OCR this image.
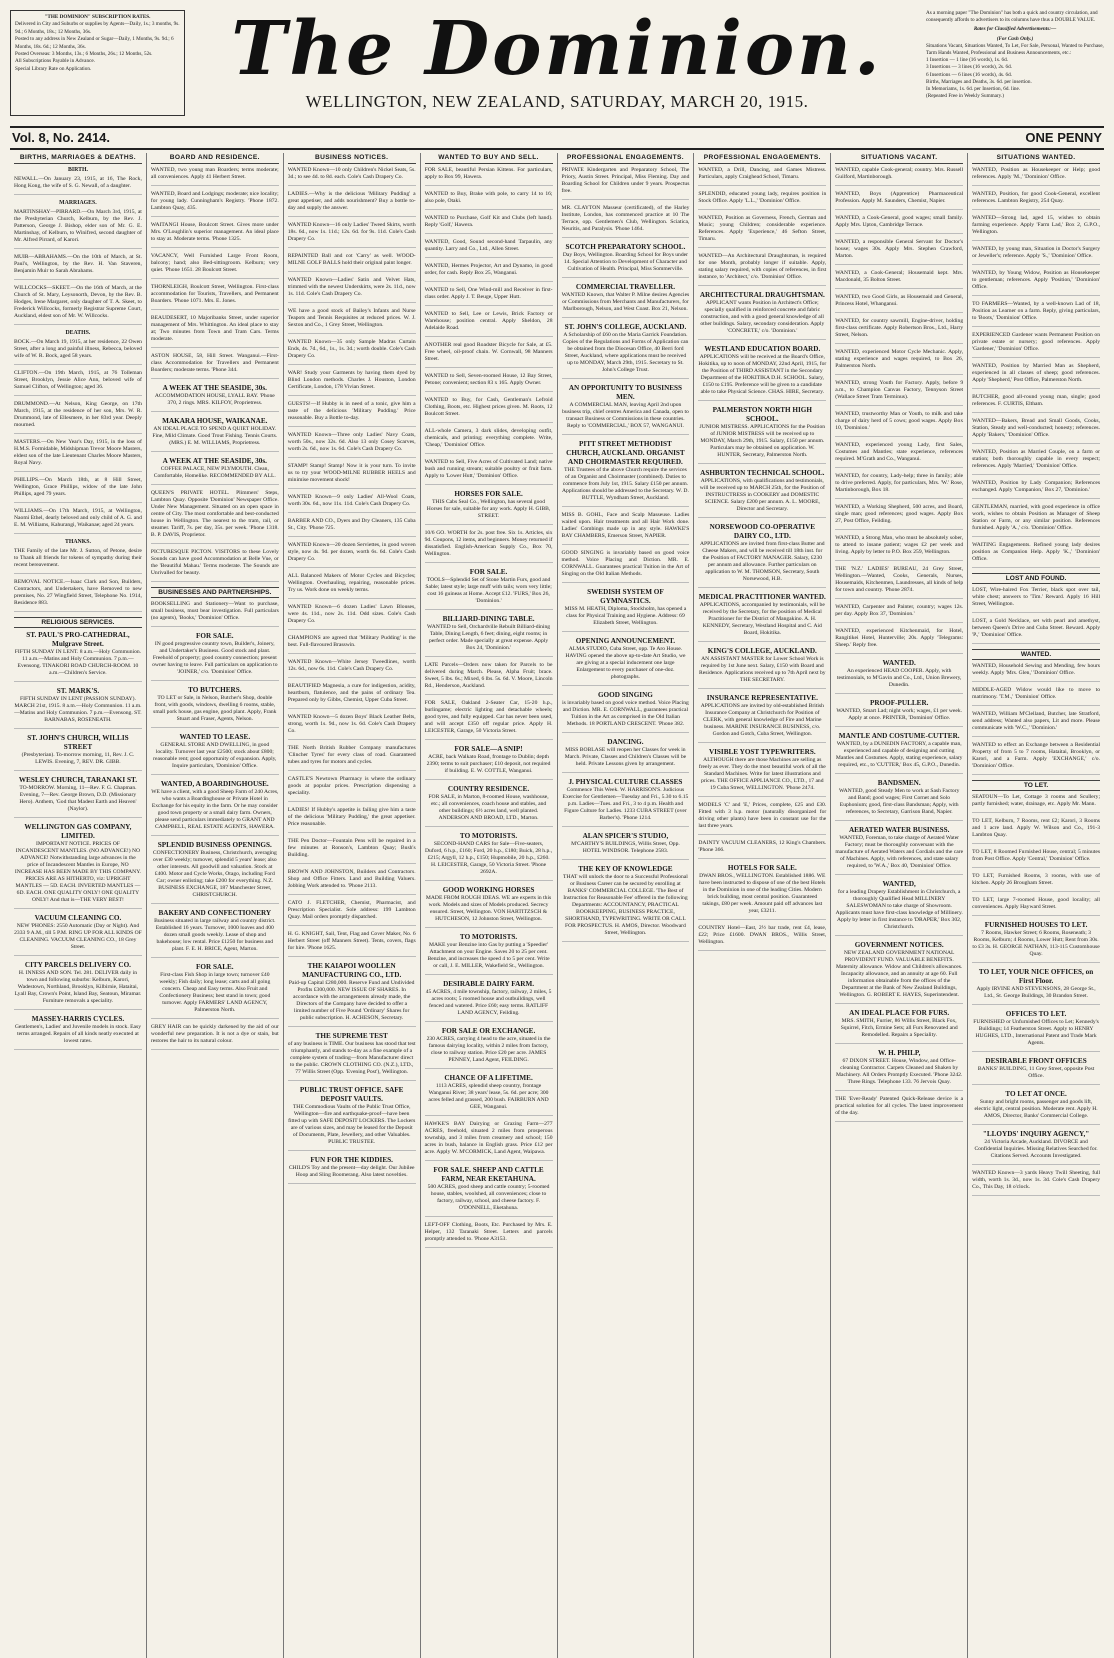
"THE DOMINION" SUBSCRIPTION RATES.

Delivered in City and Suburbs or supplies by Agents—Daily, 1s.; 3 months, 9s. 9d.; 6 Months, 18s.; 12 Months, 36s.

Posted to any address in New Zealand or Sugar—Daily, 1 Months, 9s. 9d.; 6 Months, 18s. 6d.; 12 Months, 36s.

Posted Overseas: 3 Months, 13s.; 6 Months, 26s.; 12 Months, 52s.

All Subscriptions Payable in Advance.

Special Library Rate on Application.	The Dominion.
WELLINGTON, NEW ZEALAND, SATURDAY, MARCH 20, 1915.

As a morning paper "The Dominion" has both a quick and country circulation, and consequently affords to advertisers to its columns have thus a DOUBLE VALUE.

Rates for Classified Advertisements:—

(For Cash Only.)

Situations Vacant, Situations Wanted, To Let, For Sale, Personal, Wanted to Purchase, Tarm Hands Wanted, Professional and Business Announcements, etc.:

1 Insertion — 1 line (16 words), 1s. 6d.

3 Insertions — 3 lines (16 words), 2s. 6d.

6 Insertions — 6 lines (16 words), 4s. 6d.

Births, Marriages and Deaths, 3s. 6d. per insertion.

In Memoriams, 1s. 6d. per Insertion, 6d. line.

(Repeated Free in Weekly Summary.)

Vol. 8, No. 2414.	ONE PENNY
BIRTHS, MARRIAGES & DEATHS.
BIRTH.
NEWALL.—On January 23, 1915, at 16, The Rock, Hong Kong, the wife of S. G. Newall, of a daughter.
MARRIAGES.
MARTINSHAY—PIRRARD.—On March 3rd, 1915, at the Presbyterian Church, Kelburn, by the Rev. J. Patterson, George J. Bishop, elder son of Mr. G. E. Martinshay, of Kelburn, to Winifred, second daughter of Mr. Alfred Pirrard, of Karori.
MUIR—ABRAHAMS.—On the 10th of March, at St. Paul's, Wellington, by the Rev. H. Van Staveren, Benjamin Muir to Sarah Abrahams.
WILLCOCKS—SKEET.—On the 16th of March, at the Church of St. Mary, Leysonorth, Devon, by the Rev. B. Hodges, Irene Margaret, only daughter of T. A. Skeet, to Frederick Willcocks, formerly Registrar Supreme Court, Auckland, eldest son of Mr. W. Willcocks.
DEATHS.
BOCK.—On March 19, 1915, at her residence, 22 Owen Street, after a long and painful illness, Rebecca, beloved wife of W. R. Bock, aged 58 years.
CLIFTON.—On 19th March, 1915, at 76 Tolleman Street, Brooklyn, Jessie Alice Ann, beloved wife of Samuel Clifton, of Wellington; aged 36.
DRUMMOND.—At Nelson, King George, on 17th March, 1915, at the residence of her son, Mrs. W. R. Drummond, late of Ellesmere, in her 83rd year. Deeply mourned.
MASTERS.—On New Year's Day, 1915, in the loss of H.M.S. Formidable, Midshipman Trevor Moore Masters, eldest son of the late Lieutenant Charles Moore Masters, Royal Navy.
PHILLIPS.—On March 18th, at 8 Hill Street, Wellington, Grace Phillips, widow of the late John Phillips, aged 79 years.
WILLIAMS.—On 17th March, 1915, at Wellington, Naomi Ethel, dearly beloved and only child of A. G. and E. M. Williams, Kahurangi, Waikanae; aged 24 years.
THANKS.
THE Family of the late Mr. J. Sutton, of Petone, desire to Thank all friends for tokens of sympathy during their recent bereavement.
REMOVAL NOTICE.—Isaac Clark and Son, Builders, Contractors, and Undertakers, have Removed to new premises, No. 27 Wingfield Street, Telephone No. 1914, Residence 883.
RELIGIOUS SERVICES.
ST. PAUL'S PRO-CATHEDRAL, Mulgrave Street.
FIFTH SUNDAY IN LENT. 8 a.m.—Holy Communion. 11 a.m.—Matins and Holy Communion. 7 p.m.—Evensong. TINAKORI ROAD CHURCH-ROOM. 10 a.m.—Children's Service.
ST. MARK'S.
FIFTH SUNDAY IN LENT (PASSION SUNDAY). MARCH 21st, 1915. 8 a.m.—Holy Communion. 11 a.m.—Matins and Holy Communion. 7 p.m.—Evensong. ST. BARNABAS, ROSENEATH.
ST. JOHN'S CHURCH, WILLIS STREET
(Presbyterian). To-morrow morning, 11, Rev. J. C. LEWIS. Evening, 7, REV. DR. GIBB.
WESLEY CHURCH, TARANAKI ST.
TO-MORROW. Morning, 11—Rev. F. G. Chapman. Evening, 7—Rev. George Brown, D.D. (Missionary Hero). Anthem, 'God that Madest Earth and Heaven' (Naylor).
WELLINGTON GAS COMPANY, LIMITED.
IMPORTANT NOTICE. PRICES OF INCANDESCENT MANTLES. (NO ADVANCE!) NO ADVANCE! Notwithstanding large advances in the price of Incandescent Mantles in Europe, NO INCREASE HAS BEEN MADE BY THIS COMPANY. PRICES ARE AS HITHERTO, viz: UPRIGHT MANTLES — 5D. EACH. INVERTED MANTLES — 6D. EACH. ONE QUALITY ONLY! ONE QUALITY ONLY! And that is—THE VERY BEST!
VACUUM CLEANING CO.
NEW 'PHONES: 2550 Automatic (Day or Night). And 2333 9 A.M., till 5 P.M. RING UP FOR ALL KINDS OF CLEANING. VACUUM CLEANING CO., 18 Grey Street.
CITY PARCELS DELIVERY CO.
H. INNESS AND SON. Tel. 281. DELIVER daily in town and following suburbs: Kelburn, Karori, Wadestown, Northland, Brooklyn, Kilbirnie, Hataitai, Lyall Bay, Crown's Point, Island Bay, Seatoun, Miramar. Furniture removals a speciality.
MASSEY-HARRIS CYCLES.
Gentlemen's, Ladies' and Juvenile models in stock. Easy terms arranged. Repairs of all kinds neatly executed at lowest rates.
BOARD AND RESIDENCE.
WANTED, two young man Boarders; terms moderate; all conveniences. Apply 41 Herbert Street.
WANTED, Board and Lodgings; moderate; nice locality; for young lady. Cunningham's Registry. 'Phone 1872. Lambton Quay, 435.
WAITANGI House, Boulcott Street. Gives more under Mrs. O'Loughlin's superior management. An ideal place to stay at. Moderate terms. 'Phone 1325.
VACANCY, Well Furnished Large Front Room, balcony; hand; also Bed-sittingroom. Kelburn; very quiet. 'Phone 1651. 28 Boulcott Street.
THORNLEIGH, Boulcott Street, Wellington. First-class accommodation for Tourists, Travellers, and Permanent Boarders. 'Phone 1071. Mrs. E. Jones.
BEAUDESERT, 10 Majoribanks Street, under superior management of Mrs. Whittington. An ideal place to stay at; Two minutes from Town and Tram Cars. Terms moderate.
ASTON HOUSE, 58, Hill Street. Wanganui.—First-class Accommodation for Travellers and Permanent Boarders; moderate terms. 'Phone 344.
A WEEK AT THE SEASIDE, 30s.
ACCOMMODATION HOUSE, LYALL BAY. 'Phone 370, 2 rings. MRS. KILFOY, Proprietress.
MAKARA HOUSE, WAIKANAE.
AN IDEAL PLACE TO SPEND A QUIET HOLIDAY. Fine, Mild Climate. Good Trout Fishing. Tennis Courts. (MRS.) E. M. WILLIAMS, Proprietress.
A WEEK AT THE SEASIDE, 30s.
COFFEE PALACE, NEW PLYMOUTH. Clean, Comfortable, Homelike. RECOMMENDED BY ALL.
QUEEN'S PRIVATE HOTEL. Plimmers' Steps, Lambton Quay. Opposite 'Dominion' Newspaper Office. Under New Management. Situated on an open space in centre of City. The most comfortable and best-conducted house in Wellington. The nearest to the tram, rail, or steamer. Tariff, 7s. per day, 35s. per week. 'Phone 1318. B. P. DAVIS, Proprietor.
PICTURESQUE PICTON. VISITORS to these Lovely Sounds can have good Accommodation at Belle Vue, or the 'Beautiful Mahau.' Terms moderate. The Sounds are Unrivalled for beauty.
BUSINESSES AND PARTNERSHIPS.
BOOKSELLING and Stationery—Want to purchase, small business, must bear investigation. Full particulars (no agents), 'Books,' 'Dominion' Office.
FOR SALE.
IN good progressive country town, Builder's, Joinery, and Undertaker's Business. Good stock and plant. Freehold of property; good country connection; present owner having to leave. Full particulars on application to 'JOINER,' c/o. 'Dominion' Office.
TO BUTCHERS.
TO LET or Sale, in Nelson, Butcher's Shop, double front, with goods, windows, dwelling 6 rooms, stable, small pork house, gas engine, good plant. Apply, Frank Stuart and Fraser, Agents, Nelson.
WANTED TO LEASE.
GENERAL STORE AND DWELLING, in good locality. Turnover last year £2500; stock about £800; reasonable rent; good opportunity of expansion. Apply, Inquire particulars, 'Dominion' Office.
WANTED, A BOARDINGHOUSE.
WE have a client, with a good Sheep Farm of 240 Acres, who wants a Boardinghouse or Private Hotel in Exchange for his equity in the farm. Or he may consider good town property or a small dairy farm. Owners, please send particulars immediately to GRANT AND CAMPBELL, REAL ESTATE AGENTS, HAWERA.
SPLENDID BUSINESS OPENINGS.
CONFECTIONERY Business, Christchurch, averaging over £30 weekly; turnover, splendid 5 years' lease; also other interests. All goodwill and valuation. Stock at £400. Motor and Cycle Works, Otago, including Ford Car; owner enlisting; take £200 for everything. N.Z. BUSINESS EXCHANGE, 187 Manchester Street, CHRISTCHURCH.
BAKERY AND CONFECTIONERY
Business situated in large railway and country district. Established 16 years. Turnover, 1000 loaves and 400 dozen small goods weekly. Lease of shop and bakehouse; low rental. Price £1250 for business and plant. F. E. H. BRICE, Agent, Marton.
FOR SALE.
First-class Fish Shop in large town; turnover £40 weekly; Fish daily; long lease; carts and all going concern. Cheap and Easy terms. Also Fruit and Confectionery Business; best stand in town; good turnover. Apply FARMERS' LAND AGENCY, Palmerston North.
GREY HAIR can be quickly darkened by the aid of our wonderful new preparation. It is not a dye or stain, but restores the hair to its natural colour.
BUSINESS NOTICES.
WANTED Known—10 only Children's Nickel Seats, 5s. 3d.; to see 4d. to 8d. each. Cole's Cash Drapery Co.
LADIES.—Why is the delicious 'Military Pudding' a great appetiser, and adds nourishment? Buy a bottle to-day and supply the answer.
WANTED Known—16 only Ladies' Tweed Skirts, worth 18s. 6d., now 1s. 11d.; 12s. 6d. for 9s. 11d. Cole's Cash Drapery Co.
REPAINTED Ball and cot 'Carry' as well. WOOD-MILNE GOLF BALLS hold their original paint longer.
WANTED Known—Ladies' Satin and Velvet Hats, trimmed with the newest Underskirts, were 2s. 11d., now 1s. 11d. Cole's Cash Drapery Co.
WE have a good stock of Bailey's Infants and Nurse Teapots and Tennis Requisites at reduced prices. W. J. Sexton and Co., 1 Grey Street, Wellington.
WANTED Known—35 only Sample Madras Curtain Ends, 4s. 7d., 6d., 1s., 1s. 3d.; worth double. Cole's Cash Drapery Co.
WAR! Study your Garments by having them dyed by Blind London methods. Charles J. Houston, London Certificate, London, 178 Vivian Street.
GUESTS!—If Hubby is in need of a tonic, give him a taste of the delicious 'Military Pudding.' Price reasonable. Buy a Bottle to-day.
WANTED Known—Three only Ladies' Navy Coats, worth 50s., now 32s. 6d. Also 13 only Cosey Scarves, worth 2s. 6d., now 1s. 6d. Cole's Cash Drapery Co.
STAMP! Stamp! Stamp! Now it is your turn. To invite us to try your WOOD-MILNE RUBBER HEELS and minimise movement shock!
WANTED Known—9 only Ladies' All-Wool Coats, worth 30s. 6d., now 11s. 11d. Cole's Cash Drapery Co.
BARBER AND CO., Dyers and Dry Cleaners, 135 Cuba St., City. 'Phone 725.
WANTED Known—20 dozen Serviettes, in good woven style, now 4s. 9d. per dozen, worth 6s. 6d. Cole's Cash Drapery Co.
ALL Balanced Makers of Motor Cycles and Bicycles; Wellington. Overhauling, repairing, reasonable prices. Try us. Work done on weekly terms.
WANTED Known—6 dozen Ladies' Lawn Blouses, were 4s. 11d., now 2s. 11d. Odd sizes. Cole's Cash Drapery Co.
CHAMPIONS are agreed that 'Military Pudding' is the best. Full-flavoured Brasswin.
WANTED Known—White Jersey Tweedlines, worth 12s. 6d., now 6s. 11d. Cole's Cash Drapery Co.
BEAUTIFIED Magnesia, a cure for indigestion, acidity, heartburn, flatulence, and the pains of ordinary Tea. Prepared only by Gibbs, Chemist, Upper Cuba Street.
WANTED Known—5 dozen Boys' Black Leather Belts, strong, worth 1s. 9d., now 1s. 6d. Cole's Cash Drapery Co.
THE North British Rubber Company manufactures 'Clincher Tyres' for every class of road. Guaranteed tubes and tyres for motors and cycles.
CASTLE'S Newtown Pharmacy is where the ordinary goods at popular prices. Prescription dispensing a speciality.
LADIES! If Hubby's appetite is failing give him a taste of the delicious 'Military Pudding,' the great appetiser. Price reasonable.
THE Pen Doctor—Fountain Pens will be repaired in a few minutes at Ronson's, Lambton Quay; Bush's Building.
BROWN AND JOHNSTON, Builders and Contractors. Shop and Office Fitters. Land and Building Valuers. Jobbing Work attended to. 'Phone 2113.
CATO J. FLETCHER, Chemist, Pharmacist, and Prescription Specialist. Sole address: 199 Lambton Quay. Mail orders promptly dispatched.
H. G. KNIGHT, Sail, Tent, Flag and Cover Maker, No. 6 Herbert Street (off Manners Street). Tents, covers, flags for hire. 'Phone 1625.
THE KAIAPOI WOOLLEN MANUFACTURING CO., LTD.
Paid-up Capital £280,000. Reserve Fund and Undivided Profits £300,000. NEW ISSUE OF SHARES. In accordance with the arrangements already made, the Directors of the Company have decided to offer a limited number of Five Pound 'Ordinary' Shares for public subscription. H. ACHESON, Secretary.
THE SUPREME TEST
of any business is TIME. Our business has stood that test triumphantly, and stands to-day as a fine example of a complete system of trading—from Manufacturer direct to the public. CROWN CLOTHING CO. (N.Z.), LTD., 77 Willis Street (Opp. 'Evening Post'), Wellington.
PUBLIC TRUST OFFICE. SAFE DEPOSIT VAULTS.
THE Commodious Vaults of the Public Trust Office, Wellington—fire and earthquake-proof—have been fitted up with SAFE DEPOSIT LOCKERS. The Lockers are of various sizes, and may be leased for the Deposit of Documents, Plate, Jewellery, and other Valuables. PUBLIC TRUSTEE.
FUN FOR THE KIDDIES.
CHILD'S Toy and the present—day delight. Our Jubilee Hoop and Sling Boomerang. Also latest novelties.
WANTED TO BUY AND SELL.
FOR SALE, beautiful Persian Kittens. For particulars, apply to Box 99, Hawera.
WANTED to Buy, Brake with pole, to carry 14 to 16; also pole, Otaki.
WANTED to Purchase, Golf Kit and Clubs (left hand). Reply 'Golf,' Hawera.
WANTED, Good, Sound second-hand Tarpaulin, any quantity. Larry and Co., Ltd., Allen Street.
WANTED, Hermes Projector, Art and Dynamo, in good order, for cash. Reply Box 25, Wanganui.
WANTED to Sell, One Wind-mill and Receiver in first-class order. Apply J. T. Beuge, Upper Hutt.
WANTED to Sell, Lee or Lewis, Brick Factory or Warehouse; position central. Apply Sheldon, 28 Adelaide Road.
ANOTHER real good Roadster Bicycle for Sale, at £5. Free wheel, oil-proof chain. W. Cornwall, 98 Manners Street.
WANTED to Sell, Seven-roomed House, 12 Bay Street, Petone; convenient; section 83 x 165. Apply Owner.
WANTED to Buy, for Cash, Gentleman's Lefroid Clothing, Boots, etc. Highest prices given. M. Roots, 12 Boulcott Street.
ALL-whole Camera, 3 dark slides, developing outfit, chemicals, and printing; everything complete. Write, 'Cheap,' 'Dominion' Office.
WANTED to Sell, Five Acres of Cultivated Land; native bush and running stream; suitable poultry or fruit farm. Apply to 'Lower Hutt,' 'Dominion' Office.
HORSES FOR SALE.
THIS Cabs Seal Co., Wellington, has several good Horses for sale, suitable for any work. Apply H. GIBB, STREET.
10/6 GO. WORTH for 2s. post free. Six 1s. Articles, six 9d. Coupons, 12 items, and beginners. Money returned if dissatisfied. English-American Supply Co., Box 70, Wellington.
FOR SALE.
TOOLS—Splendid Set of Stone Martin Furs, good and Sable; latest style; large muff with tails; worn very little; cost 16 guineas at Home. Accept £12. 'FURS,' Box 26, 'Dominion.'
BILLIARD-DINING TABLE.
WANTED to Sell, Orchardville Rebuilt Billiard-dining Table, Dining Length, 6 feet; dining, eight rooms; in perfect order. Made specially at great expense. Apply Box 24, 'Dominion.'
LATE Parcels—Orders now taken for Parcels to be delivered during March. Please, Alpha Fruit; brace. Sweet, 5 lbs. 6s.; Mixed, 6 lbs. 5s. 6d. V. Moore, Lincoln Rd., Henderson, Auckland.
FOR SALE, Oakland 2-Seater Car, 15-20 h.p., burlingame; electric lighting and detachable wheels; good tyres, and fully equipped. Car has never been used, and will accept £350 off regular price. Apply H. LEICESTER, Garage, 50 Victoria Street.
FOR SALE—A SNIP!
ACRE, back Walkato Road, frontage to Dublin; depth 2390; terms to suit purchaser; £10 deposit, not required if building. E. W. COTTLE, Wanganui.
COUNTRY RESIDENCE.
FOR SALE, in Marton, 8-roomed House, washhouse, etc.; all conveniences, coach house and stables, and other buildings; 6½ acres land, well planted. ANDERSON AND BROAD, LTD., Marton.
TO MOTORISTS.
SECOND-HAND CARS for Sale—Five-seaters, Duford, 6 h.p., £160; Ford, 20 h.p., £180; Buick, 28 h.p., £215; Argyll, 12 h.p., £150; Hupmobile, 20 h.p., £260. H. LEICESTER, Garage, 50 Victoria Street. 'Phone 2692A.
GOOD WORKING HORSES
MADE FROM ROUGH IDEAS. WE are experts in this work. Models and sizes of Models produced. Secrecy ensured. Street, Wellington. VON HARTITZSCH & HUTCHESON, 12 Johnston Street, Wellington.
TO MOTORISTS.
MAKE your Benzine into Gas by putting a 'Speedier' Attachment on your Engine. Saves 20 to 25 per cent. Benzine, and increases the speed 4 to 5 per cent. Write or call, J. E. MILLER, Wakefield St., Wellington.
DESIRABLE DAIRY FARM.
45 ACRES, 4 mile township, factory, railway, 2 miles, 5 acres roots; 5 roomed house and outbuildings, well fenced and watered. Price £60; easy terms. RATLIFF LAND AGENCY, Feilding.
FOR SALE OR EXCHANGE.
230 ACRES, carrying 4 head to the acre, situated in the famous dairying locality, within 2 miles from factory, close to railway station. Price £20 per acre. JAMES PENNEY, Land Agent, FEILDING.
CHANCE OF A LIFETIME.
1113 ACRES, splendid sheep country, frontage Wanganui River; 38 years' lease, 5s. 6d. per acre; 300 acres felled and grassed, 200 bush. FAIRBURN AND GEE, Wanganui.
HAWKE'S BAY Dairying or Grazing Farm—277 ACRES, freehold, situated 2 miles from prosperous township, and 3 miles from creamery and school; 150 acres in bush, balance in English grass. Price £12 per acre. Apply W. M'CORMICK, Land Agent, Waipawa.
FOR SALE. SHEEP AND CATTLE FARM, NEAR EKETAHUNA.
500 ACRES, good sheep and cattle country; 5-roomed house, stables, woolshed, all conveniences; close to factory, railway, school, and cheese factory. F. O'DONNELL, Eketahuna.
LEFT-OFF Clothing, Boots, Etc. Purchased by Mrs. E. Helper, 132 Taranaki Street. Letters and parcels promptly attended to. 'Phone A3153.
PROFESSIONAL ENGAGEMENTS.
PRIVATE Kindergarten and Preparatory School, The Priory, Austin Street. Principal, Miss Fleming. Day and Boarding School for Children under 9 years. Prospectus free.
MR. CLAYTON Masseur (certificated), of the Harley Institute, London, has commenced practice at 10 The Terrace, opp. Gentlemen's Club, Wellington. Sciatica, Neuritis, and Paralysis. 'Phone 1464.
SCOTCH PREPARATORY SCHOOL.
Day Boys, Wellington. Boarding School for Boys under 14. Special Attention to Development of Character and Cultivation of Health. Principal, Miss Sommerville.
COMMERCIAL TRAVELLER.
WANTED Known, that Walter P. Milne desires Agencies or Commissions from Merchants and Manufacturers, for Marlborough, Nelson, and West Coast. Box 21, Nelson.
ST. JOHN'S COLLEGE, AUCKLAND.
A Scholarship of £60 on the Maria Garrick Foundation. Copies of the Regulations and Forms of Application can be obtained from the Diocesan Office, 40 Berri ford Street, Auckland, where applications must be received up to MONDAY, March 29th, 1915. Secretary to St. John's College Trust.
AN OPPORTUNITY TO BUSINESS MEN.
A COMMERCIAL MAN, leaving April 2nd upon business trip, chief centres America and Canada, open to transact Business or Commissions in these countries. Reply to 'COMMERCIAL,' BOX 57, WANGANUI.
PITT STREET METHODIST CHURCH, AUCKLAND. ORGANIST AND CHOIRMASTER REQUIRED.
THE Trustees of the above Church require the services of an Organist and Choirmaster (combined). Duties to commence from July 1st, 1915. Salary £150 per annum. Applications should be addressed to the Secretary. W. D. BUTTLE, Wyndham Street, Auckland.
MISS B. GOHL, Face and Scalp Masseuse. Ladies waited upon. Hair treatments and all Hair Work done. Ladies' Combings made up in any style. HAWKE'S BAY CHAMBERS, Emerson Street, NAPIER.
GOOD SINGING is invariably based on good voice method. Voice Placing and Diction. MR. E. CORNWALL. Guarantees practical Tuition in the Art of Singing on the Old Italian Methods.
SWEDISH SYSTEM OF GYMNASTICS.
MISS M. HEATH, Diploma, Stockholm, has opened a class for Physical Training and Hygiene. Address: 69 Elizabeth Street, Wellington.
OPENING ANNOUNCEMENT.
ALMA STUDIO, Cuba Street, opp. Te Aro House. HAVING opened the above up-to-date Art Studio, we are giving at a special inducement one large Enlargement to every purchaser of one-doz. photographs.
GOOD SINGING
is invariably based on good voice method. Voice Placing and Diction. MR. E. CORNWALL, guarantees practical Tuition in the Art as comprised in the Old Italian Methods. 18 PORTLAND CRESCENT. 'Phone 382.
DANCING.
MISS BOBLASE will reopen her Classes for week in March. Private, Classes and Children's Classes will be held. Private Lessons given by arrangement.
J. PHYSICAL CULTURE CLASSES
Commence This Week. W. HARRISON'S. Judicious Exercise for Gentlemen—Tuesday and Fri., 5.30 to 6.15 p.m. Ladies—Tues. and Fri., 3 to 4 p.m. Health and Figure Culture for Ladies. 1233 CUBA STREET (over Barber's). 'Phone 1214.
ALAN SPICER'S STUDIO,
M'CARTHY'S BUILDINGS, Willis Street, Opp. HOTEL WINDSOR. Telephone 2583.
THE KEY OF KNOWLEDGE
THAT will unlock the door to a Successful Professional or Business Career can be secured by enrolling at BANKS' COMMERCIAL COLLEGE. 'The Best of Instruction for Reasonable Fee' offered in the following Departments: ACCOUNTANCY, PRACTICAL BOOKKEEPING, BUSINESS PRACTICE, SHORTHAND, TYPEWRITING. WRITE OR CALL FOR PROSPECTUS. H. AMOS, Director. Woodward Street, Wellington.
PROFESSIONAL ENGAGEMENTS.
WANTED, a Drill, Dancing, and Games Mistress. Particulars, apply Craighead School, Timaru.
SPLENDID, educated young lady, requires position in Stock Office. Apply 'L.L.,' 'Dominion' Office.
WANTED, Position as Governess, French, German and Music; young Children; considerable experience. References. Apply 'Experience,' 46 Sefton Street, Timaru.
WANTED—An Architectural Draughtsman, is required for one Month, probably longer if suitable. Apply, stating salary required, with copies of references, in first instance, to 'Architect,' c/o. 'Dominion' Office.
ARCHITECTURAL DRAUGHTSMAN.
APPLICANT wants Position in Architect's Office; specially qualified in reinforced concrete and fabric construction, and with a good general knowledge of all other buildings. Salary, secondary consideration. Apply 'CONCRETE,' c/o. 'Dominion.'
WESTLAND EDUCATION BOARD.
APPLICATIONS will be received at the Board's Office, Hokitika, up to noon of MONDAY, 22nd April, 1915, for the Position of THIRD ASSISTANT in the Secondary Department of the HOKITIKA D.H. SCHOOL. Salary, £150 to £195. Preference will be given to a candidate able to take Physical Science. CHAS. HIRE, Secretary.
PALMERSTON NORTH HIGH SCHOOL.
JUNIOR MISTRESS. APPLICATIONS for the Position of JUNIOR MISTRESS will be received up to MONDAY, March 29th, 1915. Salary, £150 per annum. Particulars may be obtained on application. W. HUNTER, Secretary, Palmerston North.
ASHBURTON TECHNICAL SCHOOL.
APPLICATIONS, with qualifications and testimonials, will be received up to MARCH 25th, for the Position of INSTRUCTRESS in COOKERY and DOMESTIC SCIENCE. Salary £200 per annum. A. L. MOORE, Director and Secretary.
NORSEWOOD CO-OPERATIVE DAIRY CO., LTD.
APPLICATIONS are invited from first-class Butter and Cheese Makers, and will be received till 18th inst. for the Position of FACTORY MANAGER. Salary, £230 per annum and allowance. Further particulars on application to W. M. THOMSON, Secretary, South Norsewood, H.B.
MEDICAL PRACTITIONER WANTED.
APPLICATIONS, accompanied by testimonials, will be received by the Secretary, for the position of Medical Practitioner for the District of Mangakino. A. H. KENNEDY, Secretary, Westland Hospital and C. Aid Board, Hokitika.
KING'S COLLEGE, AUCKLAND.
AN ASSISTANT MASTER for Lower School Work is required by 1st June next. Salary, £150 with Board and Residence. Applications received up to 7th April next by THE SECRETARY.
INSURANCE REPRESENTATIVE.
APPLICATIONS are invited by old-established British Insurance Company at Christchurch for Position of CLERK, with general knowledge of Fire and Marine business. MARINE INSURANCE BUSINESS, c/o. Gordon and Gotch, Cuba Street, Wellington.
VISIBLE YOST TYPEWRITERS.
ALTHOUGH there are those Machines are selling as freely as ever. They do the most beautiful work of all the Standard Machines. Write for latest illustrations and prices. THE OFFICE APPLIANCE CO., LTD., 17 and 19 Cuba Street, WELLINGTON. 'Phone 2474.
MODELS 'C' and 'E,' Prices, complete, £25 and £30. Fitted with 3 h.p. motor (naturally disorganized for driving other plants) have been in constant use for the last three years.
DAINTY VACUUM CLEANERS, 12 King's Chambers. 'Phone 366.
HOTELS FOR SALE.
DWAN BROS., WELLINGTON. Established 1886. WE have been instructed to dispose of one of the best Hotels in the Dominion in one of the leading Cities. Modern brick building, most central position. Guaranteed takings, £80 per week. Amount paid off advances last year, £3211.
COUNTRY Hotel—East, 2½ bar trade, rent £4, lease, £22; Price £1600. DWAN BROS., Willis Street, Wellington.
SITUATIONS VACANT.
WANTED, capable Cook-general; country. Mrs. Russell Guilford, Martinborough.
WANTED, Boys (Apprentice) Pharmaceutical Profession. Apply M. Saunders, Chemist, Napier.
WANTED, a Cook-General, good wages; small family. Apply Mrs. Upton, Cambridge Terrace.
WANTED, a responsible General Servant for Doctor's house; wages 30s. Apply Mrs. Stephen Crawford, Marton.
WANTED, a Cook-General; Housemaid kept. Mrs. Macdonald, 35 Bolton Street.
WANTED, two Good Girls, as Housemaid and General, Princess Hotel, Whanganui.
WANTED, for country sawmill, Engine-driver, holding first-class certificate. Apply Robertson Bros., Ltd., Harry Street, Nelson.
WANTED, experienced Motor Cycle Mechanic. Apply, stating experience and wages required, to Box 26, Palmerston North.
WANTED, strong Youth for Factory. Apply, before 9 a.m., to Champion Canvas Factory, Tennyson Street (Wallace Street Tram Terminus).
WANTED, trustworthy Man or Youth, to milk and take charge of dairy herd of 5 cows; good wages. Apply Box 10, 'Dominion.'
WANTED, experienced young Lady, first Sales, Costumes and Mantles; state experience, references required. M'Grath and Co., Wanganui.
WANTED, for country, Lady-help; three in family; able to drive preferred. Apply, for particulars, Mrs. 'W.' Rose, Martinborough, Box 18.
WANTED, a Working Shepherd, 500 acres, and Board, single man; good references; good wages. Apply Box 27, Post Office, Feilding.
WANTED, a Strong Man, who must be absolutely sober, to attend to insane patient; wages £2 per week and living. Apply by letter to P.O. Box 259, Wellington.
THE 'N.Z.' LADIES' BUREAU, 24 Grey Street, Wellington.—Wanted, Cooks, Generals, Nurses, Housemaids, Kitchenmen, Laundresses, all kinds of help for town and country. 'Phone 2874.
WANTED, Carpenter and Painter, country; wages 12s. per day. Apply Box 37, 'Dominion.'
WANTED, experienced Kitchenmaid, for Hotel, Rangitikei Hotel, Hunterville; 20s. Apply 'Telegrams: Sheep.' Reply free.
WANTED.
An experienced HEAD COOPER. Apply, with testimonials, to M'Gavin and Co., Ltd., Union Brewery, Dunedin.
PROOF-PULLER.
WANTED, Smart Lad; night work; wages, £1 per week. Apply at once. PRINTER, 'Dominion' Office.
MANTLE AND COSTUME-CUTTER.
WANTED, by a DUNEDIN FACTORY, a capable man, experienced and capable of designing and cutting Mantles and Costumes. Apply, stating experience, salary required, etc., to 'CUTTER,' Box 45, G.P.O., Dunedin.
BANDSMEN.
WANTED, good Steady Men to work at Sash Factory and Band; good wages; First Cornet and Solo Euphonium; good, first-class Bandsman; Apply, with references, to Secretary, Garrison Band, Napier.
AERATED WATER BUSINESS.
WANTED, Foreman, to take charge of Aerated Water Factory; must be thoroughly conversant with the manufacture of Aerated Waters and Cordials and the care of Machines. Apply, with references, and state salary required, to 'W.A.,' Box 40, 'Dominion' Office.
WANTED,
for a leading Drapery Establishment in Christchurch, a thoroughly Qualified Head MILLINERY SALESWOMAN to take charge of Showroom. Applicants must have first-class knowledge of Millinery. Apply by letter in first instance to 'DRAPER,' Box 302, Christchurch.
GOVERNMENT NOTICES.
NEW ZEALAND GOVERNMENT NATIONAL PROVIDENT FUND. VALUABLE BENEFITS. Maternity allowance. Widow and Children's allowances. Incapacity allowance, and an annuity at age 60. Full information obtainable from the offices of the Department at the Bank of New Zealand Buildings, Wellington. G. ROBERT E. HAYES, Superintendent.
AN IDEAL PLACE FOR FURS.
MRS. SMITH, Furrier, 86 Willis Street, Black Fox, Squirrel, Fitch, Ermine Sets; all Furs Renovated and Remodelled. Repairs a Speciality.
W. H. PHILP,
67 DIXON STREET. House, Window, and Office-cleaning Contractor. Carpets Cleaned and Shaken by Machinery. All Orders Promptly Executed. 'Phone 3242. Three Rings. Telephone 133. 76 Jervois Quay.
THE 'Ever-Ready' Patented Quick-Release device is a practical solution for all cycles. The latest improvement of the day.
SITUATIONS WANTED.
WANTED, Position as Housekeeper or Help; good references. Apply 'M.,' 'Dominion' Office.
WANTED, Position, for good Cook-General, excellent references. Lambton Registry, 254 Quay.
WANTED—Strong lad, aged 15, wishes to obtain farming experience. Apply 'Farm Lad,' Box 2, G.P.O., Wellington.
WANTED, by young man, Situation in Doctor's Surgery or Jeweller's; reference. Apply 'S.,' 'Dominion' Office.
WANTED, by Young Widow, Position as Housekeeper to gentleman; references. Apply 'Position,' 'Dominion' Office.
TO FARMERS—Wanted, by a well-known Lad of 18, Position as Learner on a farm. Reply, giving particulars, to 'Boots,' 'Dominion' Office.
EXPERIENCED Gardener wants Permanent Position on private estate or nursery; good references. Apply 'Gardener,' 'Dominion' Office.
WANTED, Position by Married Man as Shepherd, experienced in all classes of sheep; good references. Apply 'Shepherd,' Post Office, Palmerston North.
BUTCHER, good all-round young man, single; good references. F. CURTIS, Eltham.
WANTED—Bakers, Bread and Small Goods, Cooks, Station, Steady and well-conducted; honesty; references. Apply 'Bakers,' 'Dominion' Office.
WANTED, Position as Married Couple, on a farm or station; both thoroughly capable in every respect; references. Apply 'Married,' 'Dominion' Office.
WANTED, Position by Lady Companion; References exchanged. Apply 'Companion,' Box 27, 'Dominion.'
GENTLEMAN, married, with good experience in office work, wishes to obtain Position as Manager of Sheep Station or Farm, or any similar position. References furnished. Apply 'A.,' c/o. 'Dominion' Office.
WAITING Engagements. Refined young lady desires position as Companion Help. Apply 'K.,' 'Dominion' Office.
LOST AND FOUND.
LOST, Wire-haired Fox Terrier, black spot over tail, white chest; answers to 'Tim.' Reward. Apply 16 Hill Street, Wellington.
LOST, a Gold Necklace, set with pearl and amethyst, between Queen's Drive and Cuba Street. Reward. Apply 'P.,' 'Dominion' Office.
WANTED.
WANTED, Household Sewing and Mending, few hours weekly. Apply 'Mrs. Glen,' 'Dominion' Office.
MIDDLE-AGED Widow would like to move to matrimony. 'T.M.,' 'Dominion' Office.
WANTED, William M'Clelland, Butcher, late Stratford, send address; Wanted also papers, Lit and more. Please communicate with 'W.C.,' 'Dominion.'
WANTED to effect an Exchange between a Residential Property of from 5 to 7 rooms, Hataitai, Brooklyn, or Karori, and a Farm. Apply 'EXCHANGE,' c/o. 'Dominion' Office.
TO LET.
SEATOUN—To Let, Cottage 3 rooms and Scullery; partly furnished; water, drainage, etc. Apply Mr. Mann.
TO LET, Kelburn, 7 Rooms, rent £2; Karori, 3 Rooms and 1 acre land. Apply W. Wilson and Co., 191-3 Lambton Quay.
TO LET, 8 Roomed Furnished House, central; 5 minutes from Post Office. Apply 'Central,' 'Dominion' Office.
TO LET, Furnished Rooms, 3 rooms, with use of kitchen. Apply 26 Brougham Street.
TO LET, large 7-roomed House, good locality; all conveniences. Apply Hayward Street.
FURNISHED HOUSES TO LET.
7 Rooms, Hawker Street; 6 Rooms, Roseneath; 3 Rooms, Kelburn; 4 Rooms, Lower Hutt; Rent from 30s. to £3 3s. H. GEORGE NATHAN, 113-115 Customhouse Quay.
TO LET, YOUR NICE OFFICES, on First Floor.
Apply IRVINE AND STEVENSONS, 28 George St., Ltd., St. George Buildings, 30 Brandon Street.
OFFICES TO LET.
FURNISHED or Unfurnished Offices to Let; Kennedy's Buildings; 14 Featherston Street. Apply to HENRY HUGHES, LTD., International Patent and Trade Mark Agents.
DESIRABLE FRONT OFFICES
BANKS' BUILDING, 11 Grey Street, opposite Post Office.
TO LET AT ONCE.
Sunny and bright rooms, passenger and goods lift, electric light, central position. Moderate rent. Apply H. AMOS, Director, Banks' Commercial College.
"LLOYDS' INQUIRY AGENCY,"
24 Victoria Arcade, Auckland. DIVORCE and Confidential Inquiries. Missing Relatives Searched for. Citations Served. Accounts Investigated.
WANTED Known—3 yards Heavy Twill Sheeting, full width, worth 1s. 3d., now 1s. 3d. Cole's Cash Drapery Co., This Day, 18 o'clock.
